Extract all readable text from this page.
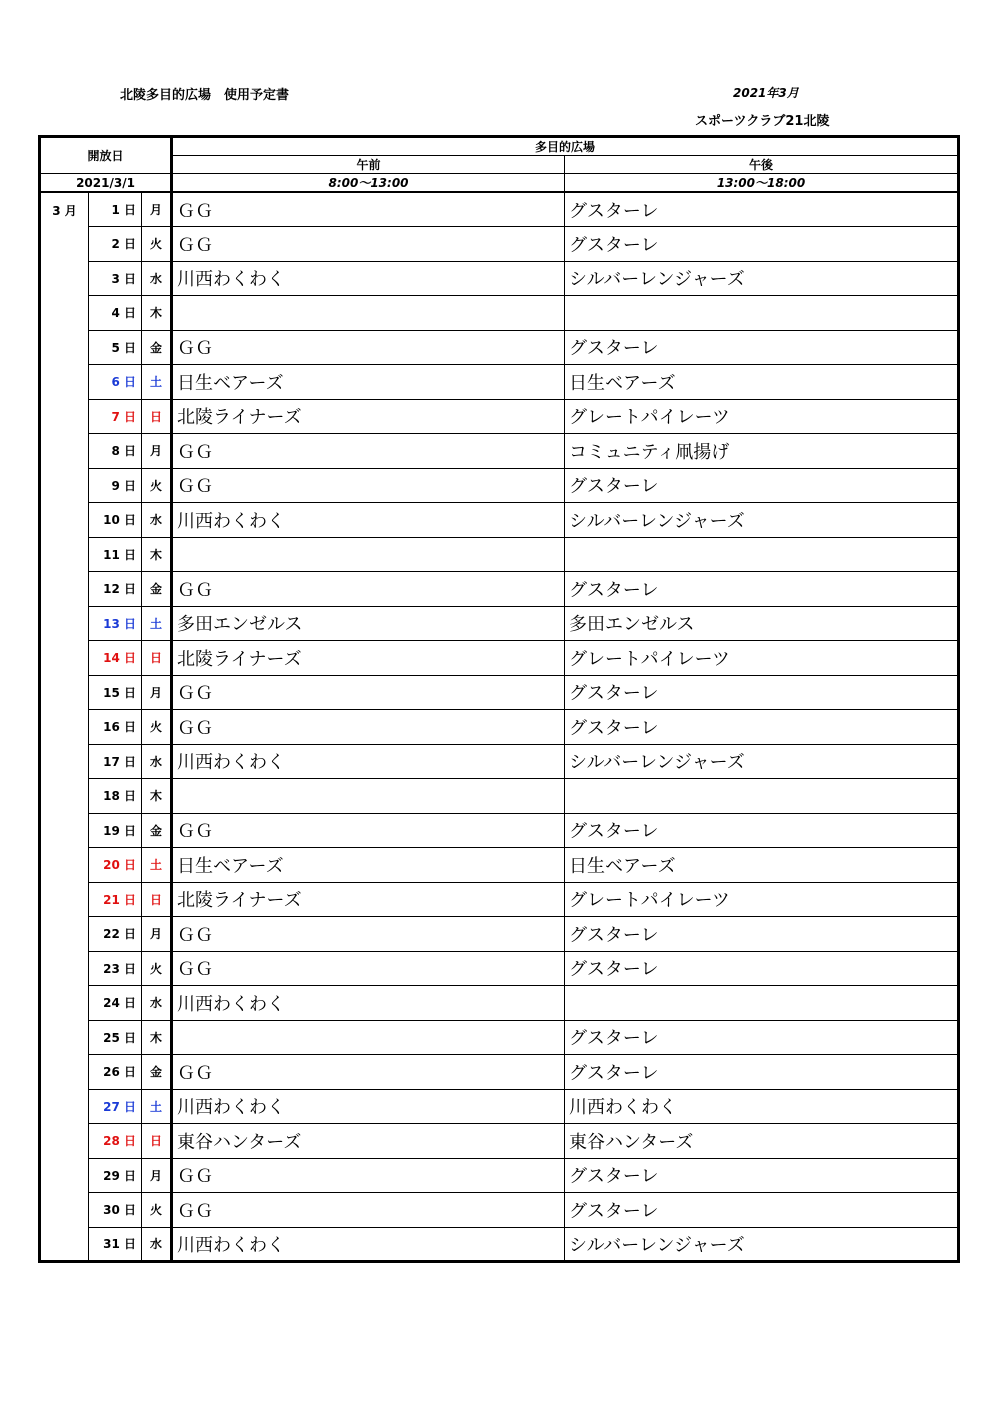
北陵多目的広場　使用予定書	2021年3月
スポーツクラブ21北陵
開放日			多目的広場	
			午前	午後
2021/3/1			8:00～13:00	13:00～18:00
3 月	1 日	月	ＧＧ	グスターレ
	2 日	火	ＧＧ	グスターレ
	3 日	水	川西わくわく	シルバーレンジャーズ
	4 日	木		
	5 日	金	ＧＧ	グスターレ
	6 日	土	日生ベアーズ	日生ベアーズ
	7 日	日	北陵ライナーズ	グレートパイレーツ
	8 日	月	ＧＧ	コミュニティ凧揚げ
	9 日	火	ＧＧ	グスターレ
	10 日	水	川西わくわく	シルバーレンジャーズ
	11 日	木		
	12 日	金	ＧＧ	グスターレ
	13 日	土	多田エンゼルス	多田エンゼルス
	14 日	日	北陵ライナーズ	グレートパイレーツ
	15 日	月	ＧＧ	グスターレ
	16 日	火	ＧＧ	グスターレ
	17 日	水	川西わくわく	シルバーレンジャーズ
	18 日	木		
	19 日	金	ＧＧ	グスターレ
	20 日	土	日生ベアーズ	日生ベアーズ
	21 日	日	北陵ライナーズ	グレートパイレーツ
	22 日	月	ＧＧ	グスターレ
	23 日	火	ＧＧ	グスターレ
	24 日	水	川西わくわく	
	25 日	木		グスターレ
	26 日	金	ＧＧ	グスターレ
	27 日	土	川西わくわく	川西わくわく
	28 日	日	東谷ハンターズ	東谷ハンターズ
	29 日	月	ＧＧ	グスターレ
	30 日	火	ＧＧ	グスターレ
	31 日	水	川西わくわく	シルバーレンジャーズ
